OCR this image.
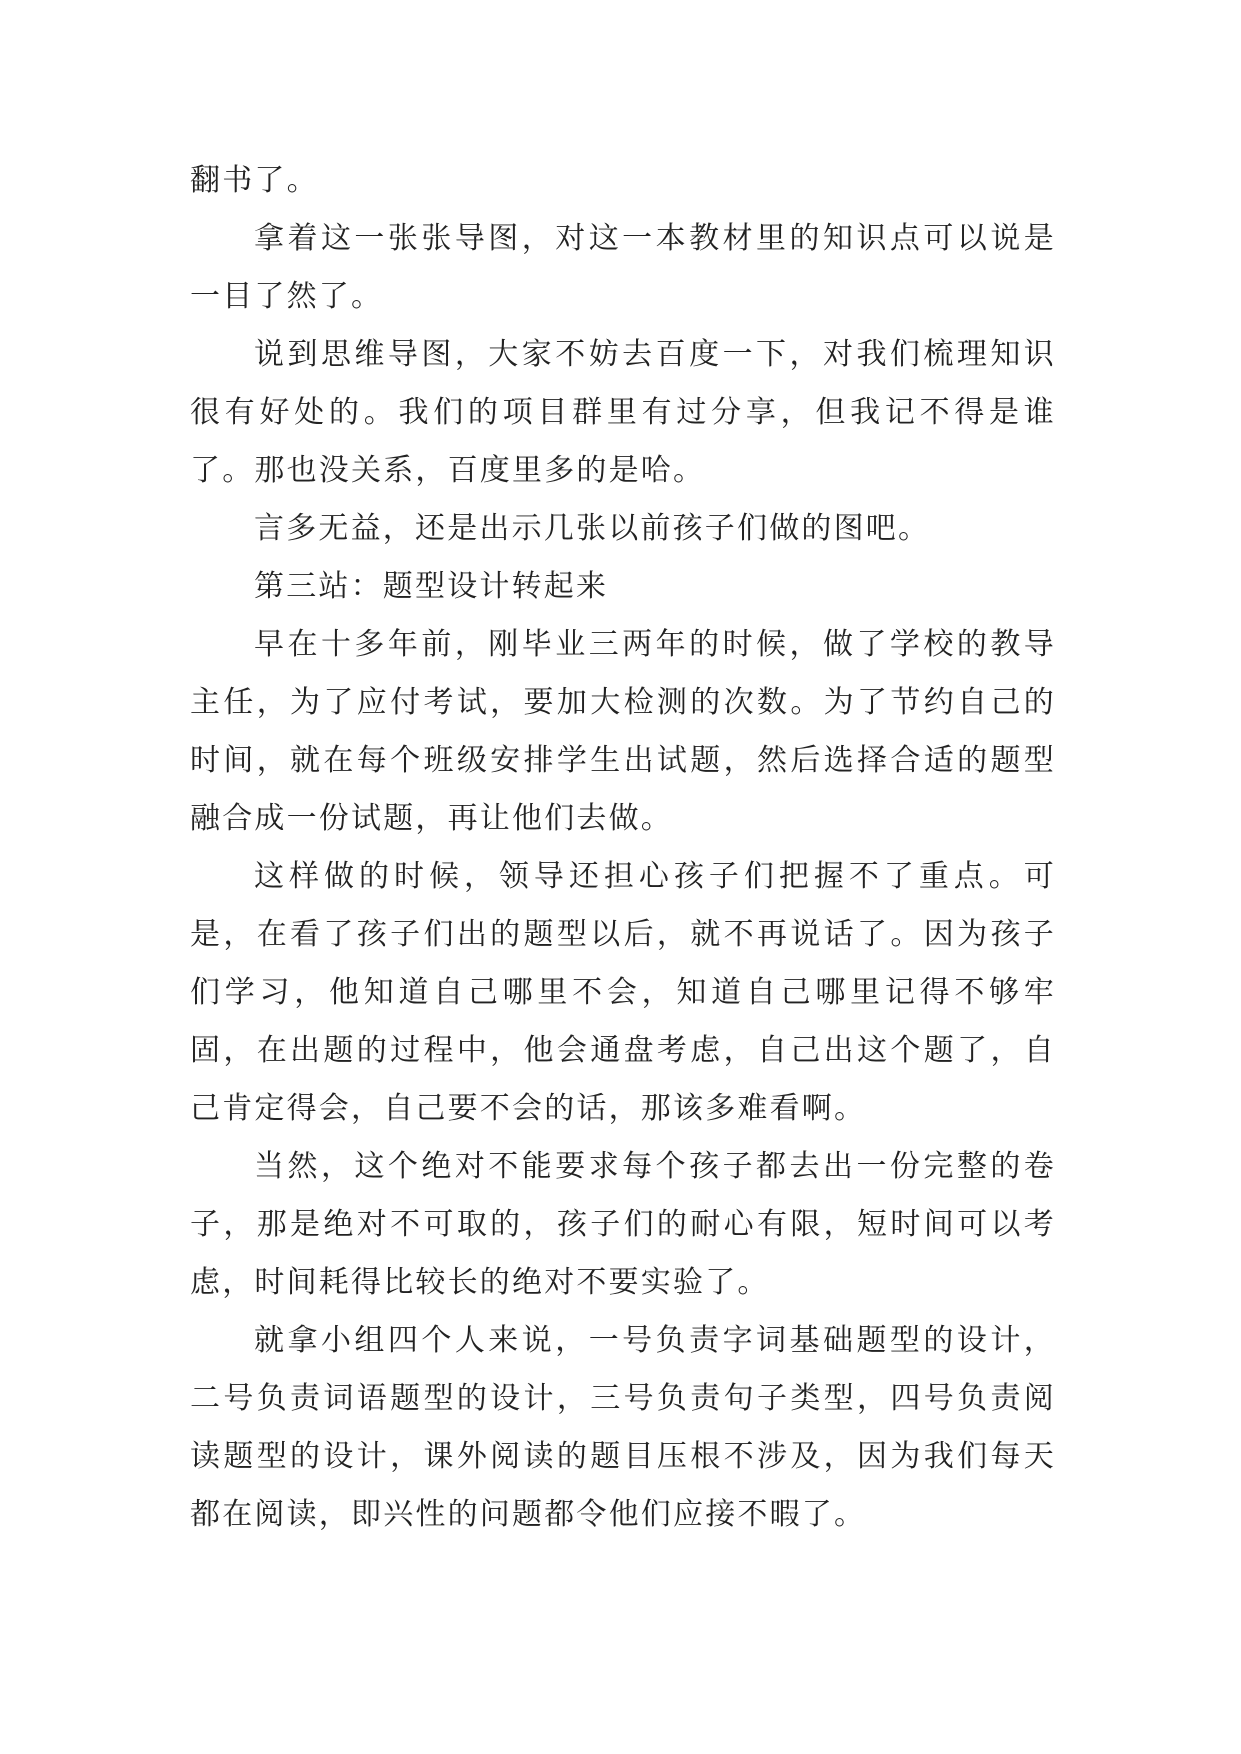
翻书了。

拿着这一张张导图，对这一本教材里的知识点可以说是一目了然了。

说到思维导图，大家不妨去百度一下，对我们梳理知识很有好处的。我们的项目群里有过分享，但我记不得是谁了。那也没关系，百度里多的是哈。

言多无益，还是出示几张以前孩子们做的图吧。

第三站：题型设计转起来

早在十多年前，刚毕业三两年的时候，做了学校的教导主任，为了应付考试，要加大检测的次数。为了节约自己的时间，就在每个班级安排学生出试题，然后选择合适的题型融合成一份试题，再让他们去做。

这样做的时候，领导还担心孩子们把握不了重点。可是，在看了孩子们出的题型以后，就不再说话了。因为孩子们学习，他知道自己哪里不会，知道自己哪里记得不够牢固，在出题的过程中，他会通盘考虑，自己出这个题了，自己肯定得会，自己要不会的话，那该多难看啊。

当然，这个绝对不能要求每个孩子都去出一份完整的卷子，那是绝对不可取的，孩子们的耐心有限，短时间可以考虑，时间耗得比较长的绝对不要实验了。

就拿小组四个人来说，一号负责字词基础题型的设计，二号负责词语题型的设计，三号负责句子类型，四号负责阅读题型的设计，课外阅读的题目压根不涉及，因为我们每天都在阅读，即兴性的问题都令他们应接不暇了。
